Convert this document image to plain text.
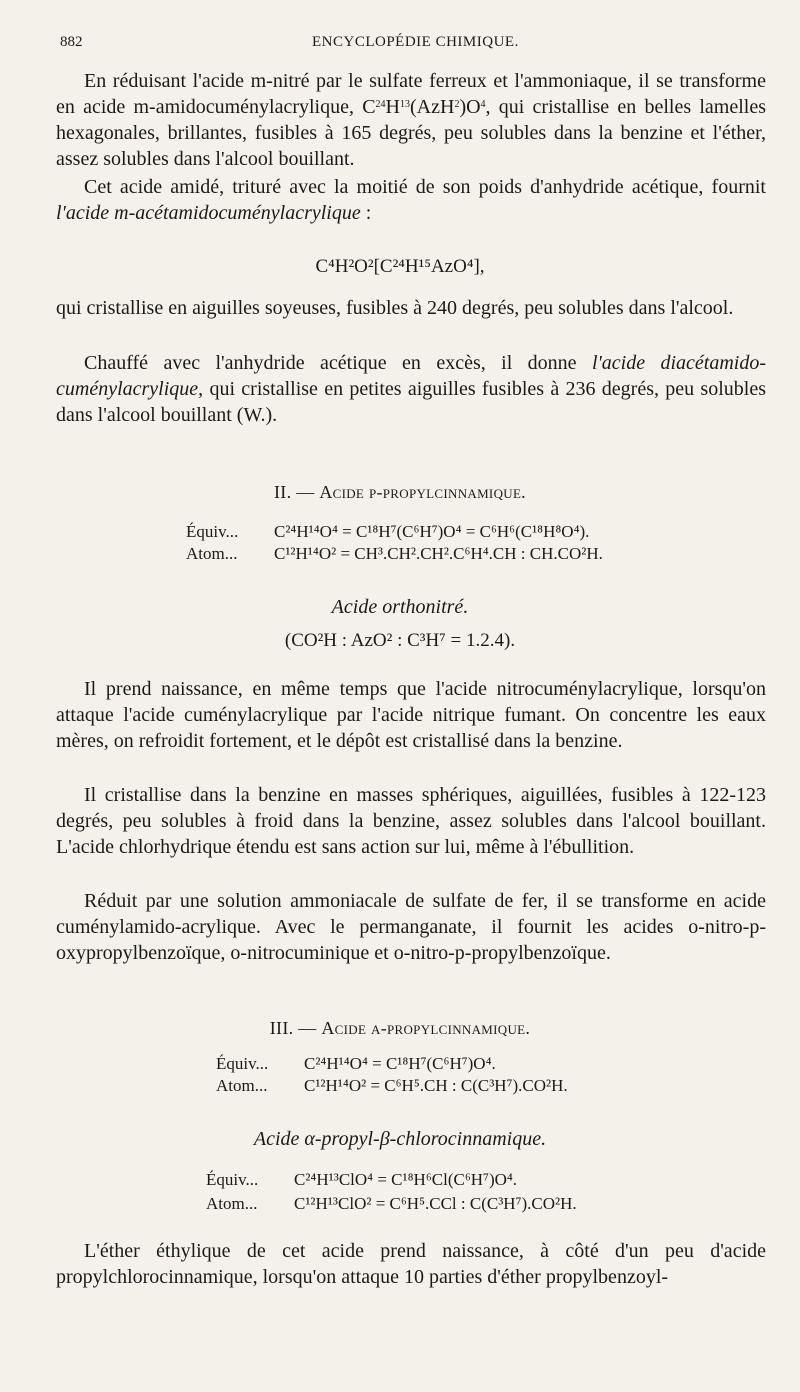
882	ENCYCLOPÉDIE CHIMIQUE.

En réduisant l'acide m-nitré par le sulfate ferreux et l'ammoniaque, il se transforme en acide m-amidocuménylacrylique, $C^{24}H^{13}(AzH^2)O^4$, qui cristallise en belles lamelles hexagonales, brillantes, fusibles à 165 degrés, peu solubles dans la benzine et l'éther, assez solubles dans l'alcool bouillant.

Cet acide amidé, trituré avec la moitié de son poids d'anhydride acétique, fournit l'acide m-acétamidocuménylacrylique :

C⁴H²O²[C²⁴H¹⁵AzO⁴],

qui cristallise en aiguilles soyeuses, fusibles à 240 degrés, peu solubles dans l'alcool.

Chauffé avec l'anhydride acétique en excès, il donne l'acide diacétamido-cuménylacrylique, qui cristallise en petites aiguilles fusibles à 236 degrés, peu solubles dans l'alcool bouillant (W.).

II. — Acide p-propylcinnamique.
Équiv... C²⁴H¹⁴O⁴ = C¹⁸H⁷(C⁶H⁷)O⁴ = C⁶H⁶(C¹⁸H⁸O⁴).
Atom... C¹²H¹⁴O² = CH³.CH².CH².C⁶H⁴.CH : CH.CO²H.
Acide orthonitré.
(CO²H : AzO² : C³H⁷ = 1.2.4).

Il prend naissance, en même temps que l'acide nitrocuménylacrylique, lorsqu'on attaque l'acide cuménylacrylique par l'acide nitrique fumant. On concentre les eaux mères, on refroidit fortement, et le dépôt est cristallisé dans la benzine.

Il cristallise dans la benzine en masses sphériques, aiguillées, fusibles à 122-123 degrés, peu solubles à froid dans la benzine, assez solubles dans l'alcool bouillant. L'acide chlorhydrique étendu est sans action sur lui, même à l'ébullition.

Réduit par une solution ammoniacale de sulfate de fer, il se transforme en acide cuménylamido-acrylique. Avec le permanganate, il fournit les acides o-nitro-p-oxypropylbenzoïque, o-nitrocuminique et o-nitro-p-propylbenzoïque.

III. — Acide α-propylcinnamique.
Équiv... C²⁴H¹⁴O⁴ = C¹⁸H⁷(C⁶H⁷)O⁴.
Atom... C¹²H¹⁴O² = C⁶H⁵.CH : C(C³H⁷).CO²H.
Acide α-propyl-β-chlorocinnamique.
Équiv... C²⁴H¹³ClO⁴ = C¹⁸H⁶Cl(C⁶H⁷)O⁴.
Atom... C¹²H¹³ClO² = C⁶H⁵.CCl : C(C³H⁷).CO²H.

L'éther éthylique de cet acide prend naissance, à côté d'un peu d'acide propylchlorocinnamique, lorsqu'on attaque 10 parties d'éther propylbenzoyl-
